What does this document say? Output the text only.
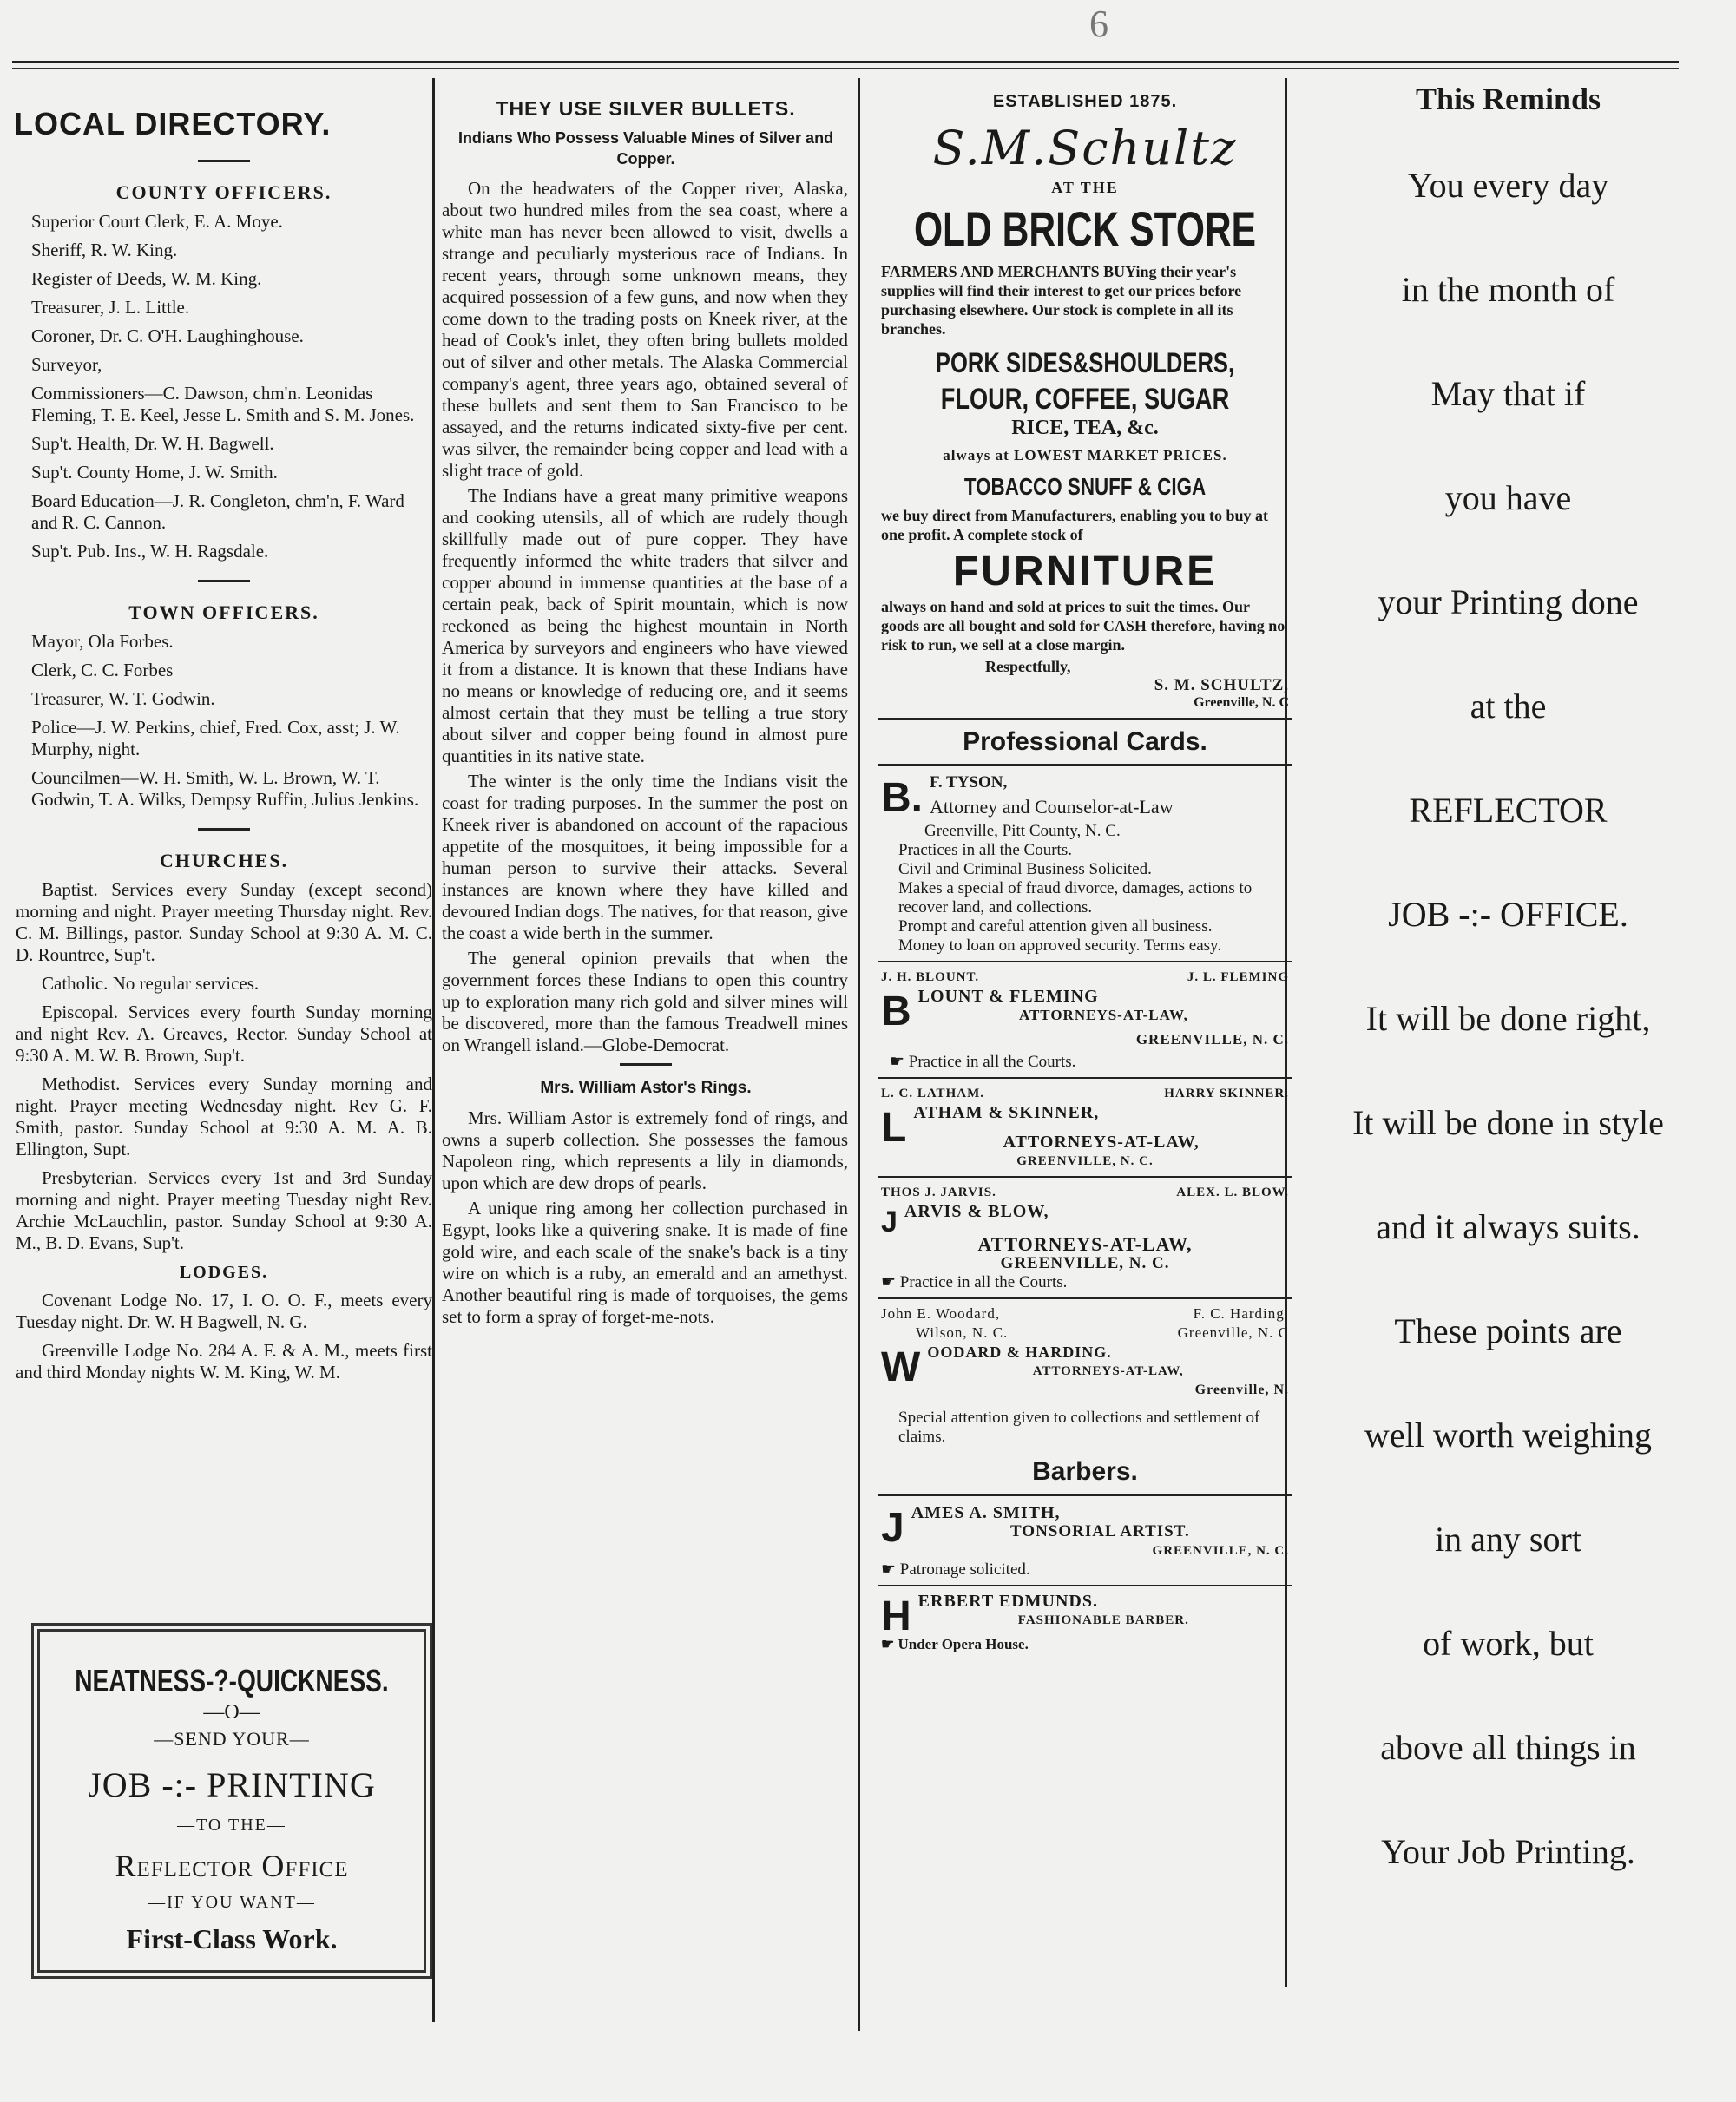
6
LOCAL DIRECTORY.
COUNTY OFFICERS.
Superior Court Clerk, E. A. Moye.
Sheriff, R. W. King.
Register of Deeds, W. M. King.
Treasurer, J. L. Little.
Coroner, Dr. C. O'H. Laughinghouse.
Surveyor,
Commissioners—C. Dawson, chm'n. Leonidas Fleming, T. E. Keel, Jesse L. Smith and S. M. Jones.
Sup't. Health, Dr. W. H. Bagwell.
Sup't. County Home, J. W. Smith.
Board Education—J. R. Congleton, chm'n, F. Ward and R. C. Cannon.
Sup't. Pub. Ins., W. H. Ragsdale.
TOWN OFFICERS.
Mayor, Ola Forbes.
Clerk, C. C. Forbes
Treasurer, W. T. Godwin.
Police—J. W. Perkins, chief, Fred. Cox, asst; J. W. Murphy, night.
Councilmen—W. H. Smith, W. L. Brown, W. T. Godwin, T. A. Wilks, Dempsy Ruffin, Julius Jenkins.
CHURCHES.
Baptist. Services every Sunday (except second) morning and night. Prayer meeting Thursday night. Rev. C. M. Billings, pastor. Sunday School at 9:30 A. M. C. D. Rountree, Sup't.
Catholic. No regular services.
Episcopal. Services every fourth Sunday morning and night Rev. A. Greaves, Rector. Sunday School at 9:30 A. M. W. B. Brown, Sup't.
Methodist. Services every Sunday morning and night. Prayer meeting Wednesday night. Rev G. F. Smith, pastor. Sunday School at 9:30 A. M. A. B. Ellington, Supt.
Presbyterian. Services every 1st and 3rd Sunday morning and night. Prayer meeting Tuesday night Rev. Archie McLauchlin, pastor. Sunday School at 9:30 A. M., B. D. Evans, Sup't.
LODGES.
Covenant Lodge No. 17, I. O. O. F., meets every Tuesday night. Dr. W. H Bagwell, N. G.
Greenville Lodge No. 284 A. F. & A. M., meets first and third Monday nights W. M. King, W. M.
NEATNESS-?-QUICKNESS.
—O—
—SEND YOUR—
JOB -:- PRINTING
—TO THE—
Reflector Office
—IF YOU WANT—
First-Class Work.
THEY USE SILVER BULLETS.
Indians Who Possess Valuable Mines of Silver and Copper.
On the headwaters of the Copper river, Alaska, about two hundred miles from the sea coast, where a white man has never been allowed to visit, dwells a strange and peculiarly mysterious race of Indians. In recent years, through some unknown means, they acquired possession of a few guns, and now when they come down to the trading posts on Kneek river, at the head of Cook's inlet, they often bring bullets molded out of silver and other metals. The Alaska Commercial company's agent, three years ago, obtained several of these bullets and sent them to San Francisco to be assayed, and the returns indicated sixty-five per cent. was silver, the remainder being copper and lead with a slight trace of gold.
The Indians have a great many primitive weapons and cooking utensils, all of which are rudely though skillfully made out of pure copper. They have frequently informed the white traders that silver and copper abound in immense quantities at the base of a certain peak, back of Spirit mountain, which is now reckoned as being the highest mountain in North America by surveyors and engineers who have viewed it from a distance. It is known that these Indians have no means or knowledge of reducing ore, and it seems almost certain that they must be telling a true story about silver and copper being found in almost pure quantities in its native state.
The winter is the only time the Indians visit the coast for trading purposes. In the summer the post on Kneek river is abandoned on account of the rapacious appetite of the mosquitoes, it being impossible for a human person to survive their attacks. Several instances are known where they have killed and devoured Indian dogs. The natives, for that reason, give the coast a wide berth in the summer.
The general opinion prevails that when the government forces these Indians to open this country up to exploration many rich gold and silver mines will be discovered, more than the famous Treadwell mines on Wrangell island.—Globe-Democrat.
Mrs. William Astor's Rings.
Mrs. William Astor is extremely fond of rings, and owns a superb collection. She possesses the famous Napoleon ring, which represents a lily in diamonds, upon which are dew drops of pearls.
A unique ring among her collection purchased in Egypt, looks like a quivering snake. It is made of fine gold wire, and each scale of the snake's back is a tiny wire on which is a ruby, an emerald and an amethyst. Another beautiful ring is made of torquoises, the gems set to form a spray of forget-me-nots.
ESTABLISHED 1875.
S.M.Schultz
AT THE
OLD BRICK STORE
FARMERS AND MERCHANTS BUYing their year's supplies will find their interest to get our prices before purchasing elsewhere. Our stock is complete in all its branches.
PORK SIDES&SHOULDERS,
FLOUR, COFFEE, SUGAR
RICE, TEA, &c.
always at LOWEST MARKET PRICES.
TOBACCO SNUFF & CIGA
we buy direct from Manufacturers, enabling you to buy at one profit. A complete stock of
FURNITURE
always on hand and sold at prices to suit the times. Our goods are all bought and sold for CASH therefore, having no risk to run, we sell at a close margin.
Respectfully,
S. M. SCHULTZ,
Greenville, N. C
Professional Cards.
B. F. TYSON,
Attorney and Counselor-at-Law
Greenville, Pitt County, N. C.
Practices in all the Courts.
Civil and Criminal Business Solicited.
Makes a special of fraud divorce, damages, actions to recover land, and collections.
Prompt and careful attention given all business.
Money to loan on approved security. Terms easy.
J. H. BLOUNT.	J. L. FLEMING
B LOUNT & FLEMING
ATTORNEYS-AT-LAW,
GREENVILLE, N. C.
☛ Practice in all the Courts.
L. C. LATHAM.	HARRY SKINNER.
L ATHAM & SKINNER,
ATTORNEYS-AT-LAW,
GREENVILLE, N. C.
THOS J. JARVIS.	ALEX. L. BLOW.
J ARVIS & BLOW,
ATTORNEYS-AT-LAW,
GREENVILLE, N. C.
☛ Practice in all the Courts.
John E. Woodard,	F. C. Harding,
Wilson, N. C.	Greenville, N. C
W OODARD & HARDING.
ATTORNEYS-AT-LAW,
Greenville, N.
Special attention given to collections and settlement of claims.
Barbers.
J AMES A. SMITH,
TONSORIAL ARTIST.
GREENVILLE, N. C.
☛ Patronage solicited.
H ERBERT EDMUNDS.
FASHIONABLE BARBER.
☛ Under Opera House.
This Reminds
You every day
in the month of
May that if
you have
your Printing done
at the
REFLECTOR
JOB -:- OFFICE.
It will be done right,
It will be done in style
and it always suits.
These points are
well worth weighing
in any sort
of work, but
above all things in
Your Job Printing.
